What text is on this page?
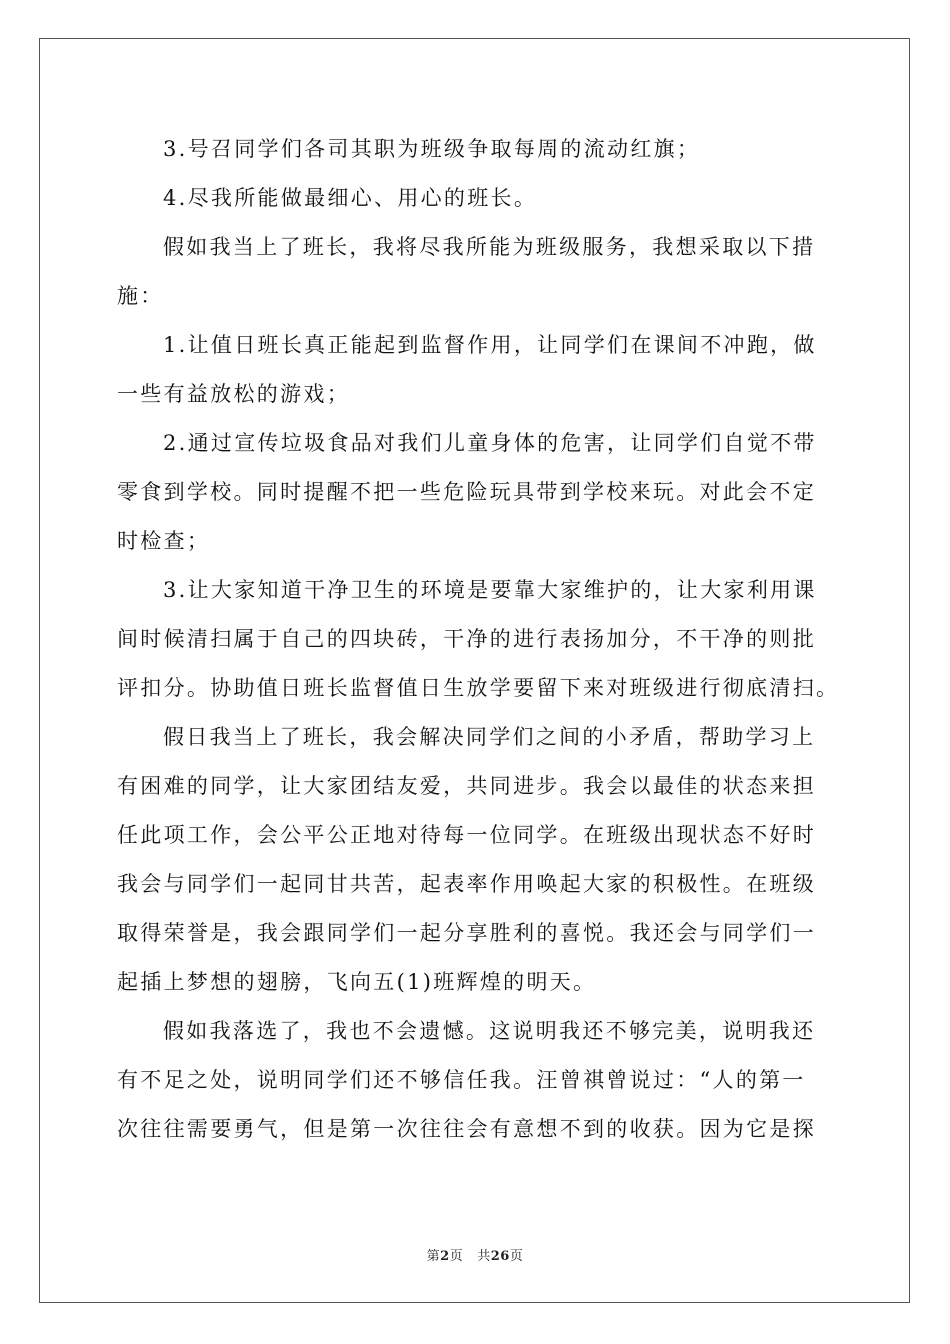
3.号召同学们各司其职为班级争取每周的流动红旗；
4.尽我所能做最细心、用心的班长。
假如我当上了班长，我将尽我所能为班级服务，我想采取以下措
施：
1.让值日班长真正能起到监督作用，让同学们在课间不冲跑，做
一些有益放松的游戏；
2.通过宣传垃圾食品对我们儿童身体的危害，让同学们自觉不带
零食到学校。同时提醒不把一些危险玩具带到学校来玩。对此会不定
时检查；
3.让大家知道干净卫生的环境是要靠大家维护的，让大家利用课
间时候清扫属于自己的四块砖，干净的进行表扬加分，不干净的则批
评扣分。协助值日班长监督值日生放学要留下来对班级进行彻底清扫。
假日我当上了班长，我会解决同学们之间的小矛盾，帮助学习上
有困难的同学，让大家团结友爱，共同进步。我会以最佳的状态来担
任此项工作，会公平公正地对待每一位同学。在班级出现状态不好时
我会与同学们一起同甘共苦，起表率作用唤起大家的积极性。在班级
取得荣誉是，我会跟同学们一起分享胜利的喜悦。我还会与同学们一
起插上梦想的翅膀，飞向五(1)班辉煌的明天。
假如我落选了，我也不会遗憾。这说明我还不够完美，说明我还
有不足之处，说明同学们还不够信任我。汪曾祺曾说过：“人的第一
次往往需要勇气，但是第一次往往会有意想不到的收获。因为它是探
第2页 共26页
